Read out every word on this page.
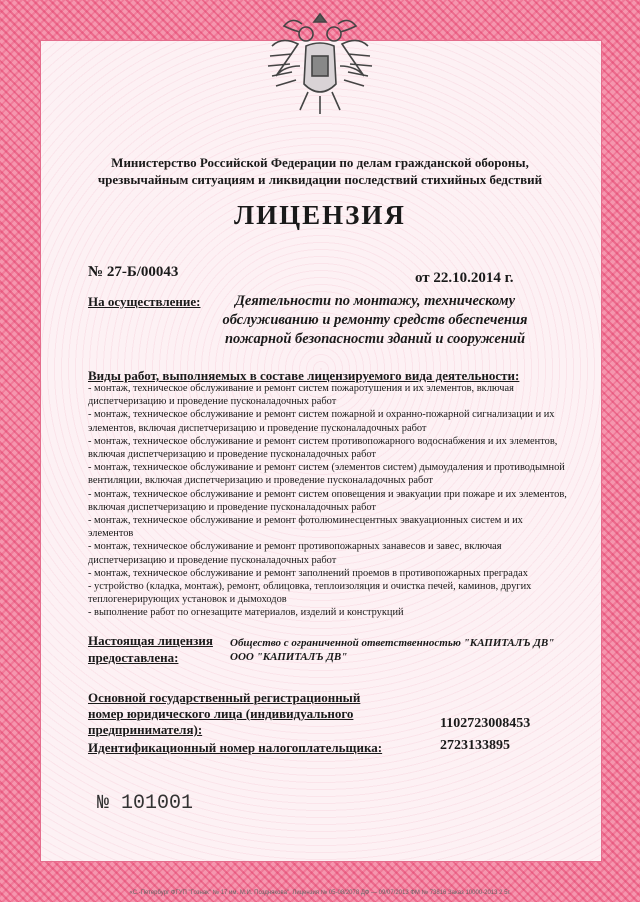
Министерство Российской Федерации по делам гражданской обороны,
чрезвычайным ситуациям и ликвидации последствий стихийных бедствий
ЛИЦЕНЗИЯ
№ 27-Б/00043	от 22.10.2014 г.
На осуществление:	Деятельности по монтажу, техническому обслуживанию и ремонту средств обеспечения пожарной безопасности зданий и сооружений
Виды работ, выполняемых в составе лицензируемого вида деятельности:
- монтаж, техническое обслуживание и ремонт систем пожаротушения и их элементов, включая диспетчеризацию и проведение пусконаладочных работ
- монтаж, техническое обслуживание и ремонт систем пожарной и охранно-пожарной сигнализации и их элементов, включая диспетчеризацию и проведение пусконаладочных работ
- монтаж, техническое обслуживание и ремонт систем противопожарного водоснабжения и их элементов, включая диспетчеризацию и проведение пусконаладочных работ
- монтаж, техническое обслуживание и ремонт систем (элементов систем) дымоудаления и противодымной вентиляции, включая диспетчеризацию и проведение пусконаладочных работ
- монтаж, техническое обслуживание и ремонт систем оповещения и эвакуации при пожаре и их элементов, включая диспетчеризацию и проведение пусконаладочных работ
- монтаж, техническое обслуживание и ремонт фотолюминесцентных эвакуационных систем и их элементов
- монтаж, техническое обслуживание и ремонт противопожарных занавесов и завес, включая диспетчеризацию и проведение пусконаладочных работ
- монтаж, техническое обслуживание и ремонт заполнений проемов в противопожарных преградах
- устройство (кладка, монтаж), ремонт, облицовка, теплоизоляция и очистка печей, каминов, других теплогенерирующих установок и дымоходов
- выполнение работ по огнезащите материалов, изделий и конструкций
Настоящая лицензия предоставлена:
Общество с ограниченной ответственностью "КАПИТАЛЪ ДВ"
ООО "КАПИТАЛЪ ДВ"
Основной государственный регистрационный номер юридического лица (индивидуального предпринимателя):	1102723008453
Идентификационный номер налогоплательщика:	2723133895
№ 101001
«С.-Петербург ФГУП "Гознак" № 17 им. М.И. Позднякова". Лицензия № 05-08/2078 ДФ — 09/07/2013 ФМ № 73816 Заказ 10000-2013 2 5г.
